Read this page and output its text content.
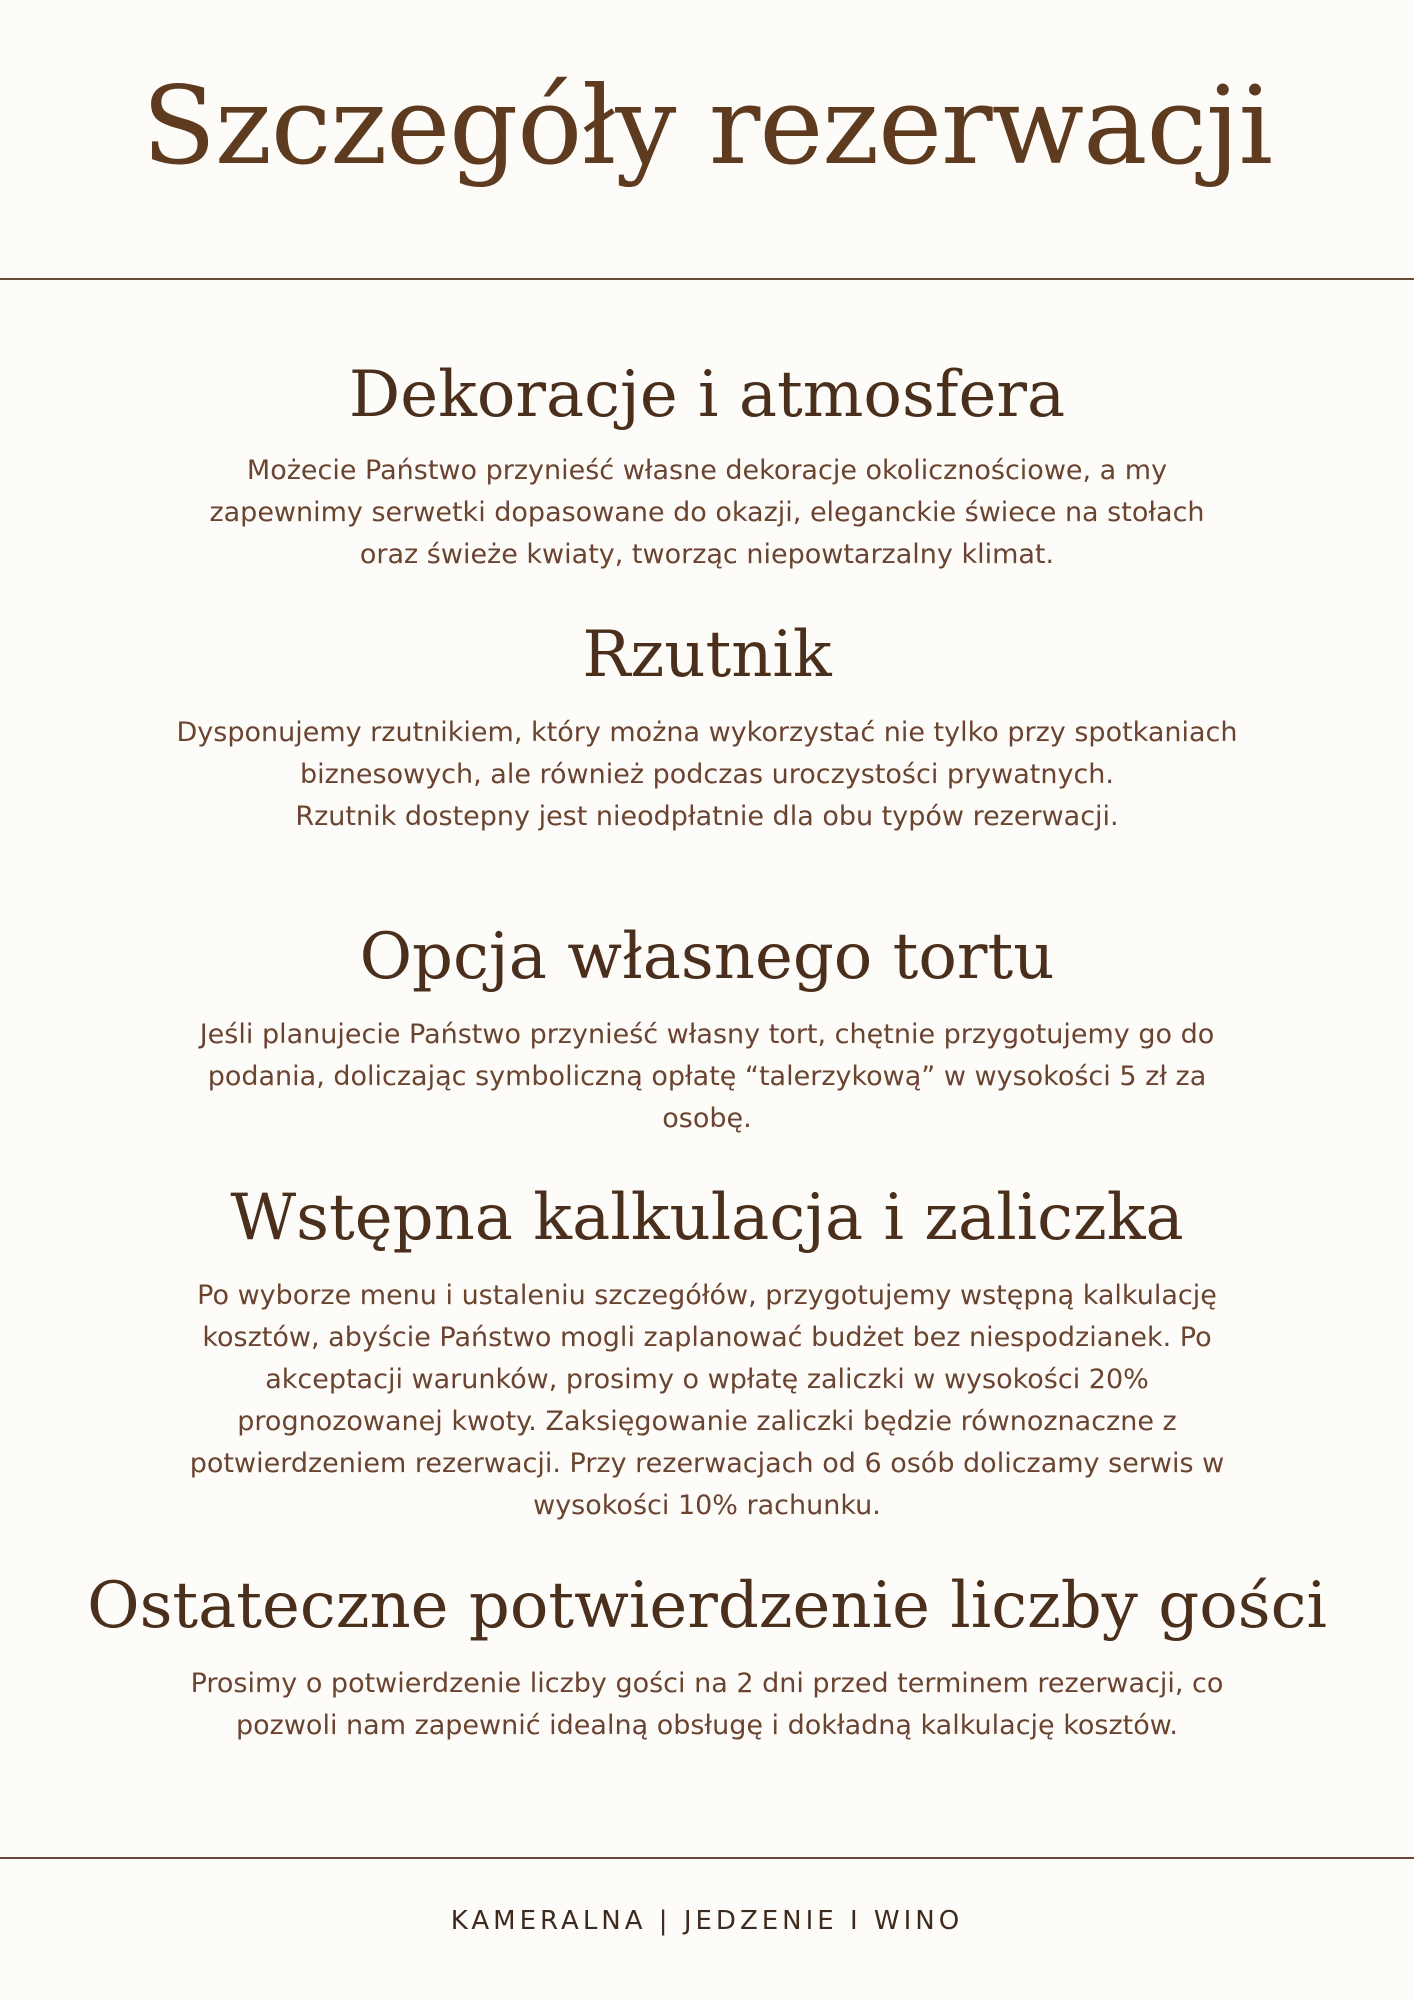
Szczegóły rezerwacji
Dekoracje i atmosfera

Możecie Państwo przynieść własne dekoracje okolicznościowe, a my
zapewnimy serwetki dopasowane do okazji, eleganckie świece na stołach
oraz świeże kwiaty, tworząc niepowtarzalny klimat.

Rzutnik

Dysponujemy rzutnikiem, który można wykorzystać nie tylko przy spotkaniach
biznesowych, ale również podczas uroczystości prywatnych.
Rzutnik dostepny jest nieodpłatnie dla obu typów rezerwacji.

Opcja własnego tortu

Jeśli planujecie Państwo przynieść własny tort, chętnie przygotujemy go do
podania, doliczając symboliczną opłatę “talerzykową” w wysokości 5 zł za
osobę.

Wstępna kalkulacja i zaliczka

Po wyborze menu i ustaleniu szczegółów, przygotujemy wstępną kalkulację
kosztów, abyście Państwo mogli zaplanować budżet bez niespodzianek. Po
akceptacji warunków, prosimy o wpłatę zaliczki w wysokości 20%
prognozowanej kwoty. Zaksięgowanie zaliczki będzie równoznaczne z
potwierdzeniem rezerwacji. Przy rezerwacjach od 6 osób doliczamy serwis w
wysokości 10% rachunku.

Ostateczne potwierdzenie liczby gości

Prosimy o potwierdzenie liczby gości na 2 dni przed terminem rezerwacji, co
pozwoli nam zapewnić idealną obsługę i dokładną kalkulację kosztów.

KAMERALNA | JEDZENIE I WINO
